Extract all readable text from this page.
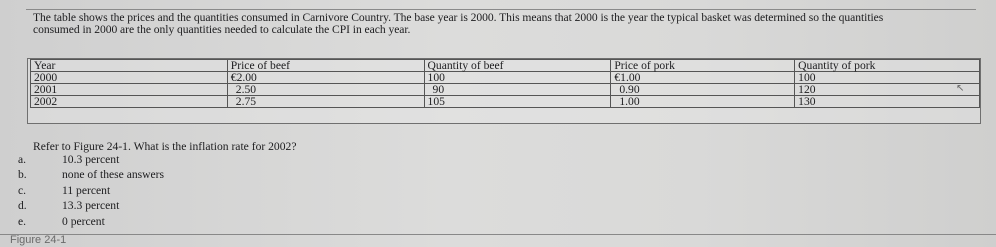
The table shows the prices and the quantities consumed in Carnivore Country. The base year is 2000. This means that 2000 is the year the typical basket was determined so the quantities
consumed in 2000 are the only quantities needed to calculate the CPI in each year.
Year	Price of beef	Quantity of beef	Price of pork	Quantity of pork
2000	€2.00	100	€1.00	100
2001	2.50	90	0.90	120
2002	2.75	105	1.00	130
↖
Refer to Figure 24-1. What is the inflation rate for 2002?
a.	10.3 percent
b.	none of these answers
c.	11 percent
d.	13.3 percent
e.	0 percent
Figure 24-1
